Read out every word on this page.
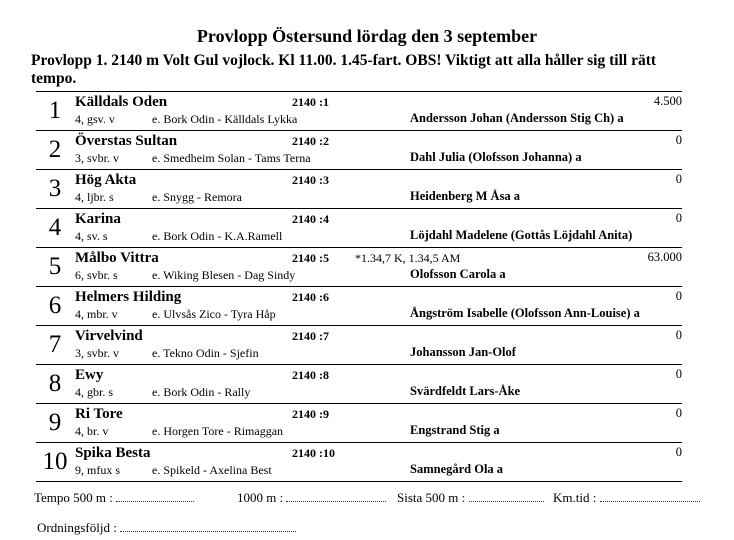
Provlopp Östersund lördag den 3 september
Provlopp 1. 2140 m Volt Gul vojlock. Kl 11.00. 1.45-fart. OBS! Viktigt att alla håller sig till rätt tempo.
1 Källdals Oden	2140 :1	4.500
4, gsv. v	e. Bork Odin - Källdals Lykka	Andersson Johan (Andersson Stig Ch) a
2 Överstas Sultan	2140 :2	0
3, svbr. v	e. Smedheim Solan - Tams Terna	Dahl Julia (Olofsson Johanna) a
3 Hög Akta	2140 :3	0
4, ljbr. s	e. Snygg - Remora	Heidenberg M Åsa a
4 Karina	2140 :4	0
4, sv. s	e. Bork Odin - K.A.Ramell	Löjdahl Madelene (Gottås Löjdahl Anita)
5 Målbo Vittra	2140 :5 *1.34,7 K, 1.34,5 AM	63.000
6, svbr. s	e. Wiking Blesen - Dag Sindy	Olofsson Carola a
6 Helmers Hilding	2140 :6	0
4, mbr. v	e. Ulvsås Zico - Tyra Håp	Ångström Isabelle (Olofsson Ann-Louise) a
7 Virvelvind	2140 :7	0
3, svbr. v	e. Tekno Odin - Sjefin	Johansson Jan-Olof
8 Ewy	2140 :8	0
4, gbr. s	e. Bork Odin - Rally	Svärdfeldt Lars-Åke
9 Ri Tore	2140 :9	0
4, br. v	e. Horgen Tore - Rimaggan	Engstrand Stig a
10 Spika Besta	2140 :10	0
9, mfux s	e. Spikeld - Axelina Best	Samnegård Ola a
Tempo 500 m :	1000 m :	Sista 500 m :	Km.tid :
Ordningsföljd :
